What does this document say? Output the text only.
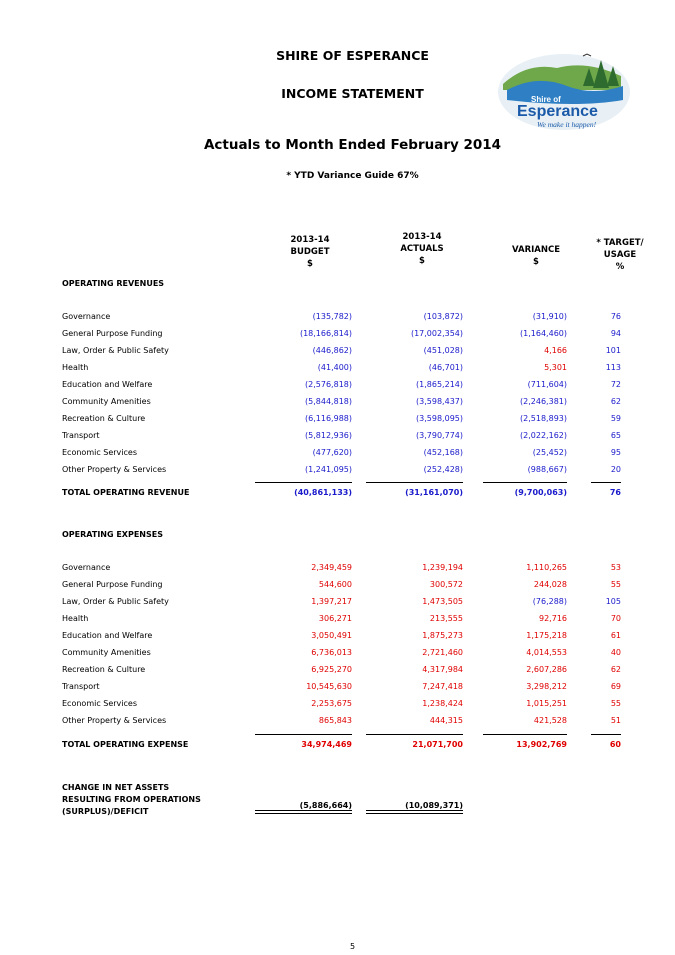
SHIRE OF ESPERANCE
INCOME STATEMENT
Actuals to Month Ended February 2014
* YTD Variance Guide 67%
Shire of
Esperance
We make it happen!
2013-14
BUDGET
$
2013-14
ACTUALS
$
VARIANCE
$
* TARGET/
USAGE
%
OPERATING REVENUES
Governance	(135,782)	(103,872)	(31,910)	76
General Purpose Funding	(18,166,814)	(17,002,354)	(1,164,460)	94
Law, Order & Public Safety	(446,862)	(451,028)	4,166	101
Health	(41,400)	(46,701)	5,301	113
Education and Welfare	(2,576,818)	(1,865,214)	(711,604)	72
Community Amenities	(5,844,818)	(3,598,437)	(2,246,381)	62
Recreation & Culture	(6,116,988)	(3,598,095)	(2,518,893)	59
Transport	(5,812,936)	(3,790,774)	(2,022,162)	65
Economic Services	(477,620)	(452,168)	(25,452)	95
Other Property & Services	(1,241,095)	(252,428)	(988,667)	20
TOTAL OPERATING REVENUE	(40,861,133)	(31,161,070)	(9,700,063)	76
OPERATING EXPENSES
Governance	2,349,459	1,239,194	1,110,265	53
General Purpose Funding	544,600	300,572	244,028	55
Law, Order & Public Safety	1,397,217	1,473,505	(76,288)	105
Health	306,271	213,555	92,716	70
Education and Welfare	3,050,491	1,875,273	1,175,218	61
Community Amenities	6,736,013	2,721,460	4,014,553	40
Recreation & Culture	6,925,270	4,317,984	2,607,286	62
Transport	10,545,630	7,247,418	3,298,212	69
Economic Services	2,253,675	1,238,424	1,015,251	55
Other Property & Services	865,843	444,315	421,528	51
TOTAL OPERATING EXPENSE	34,974,469	21,071,700	13,902,769	60
CHANGE IN NET ASSETS
RESULTING FROM OPERATIONS
(SURPLUS)/DEFICIT
(5,886,664)	(10,089,371)
5
